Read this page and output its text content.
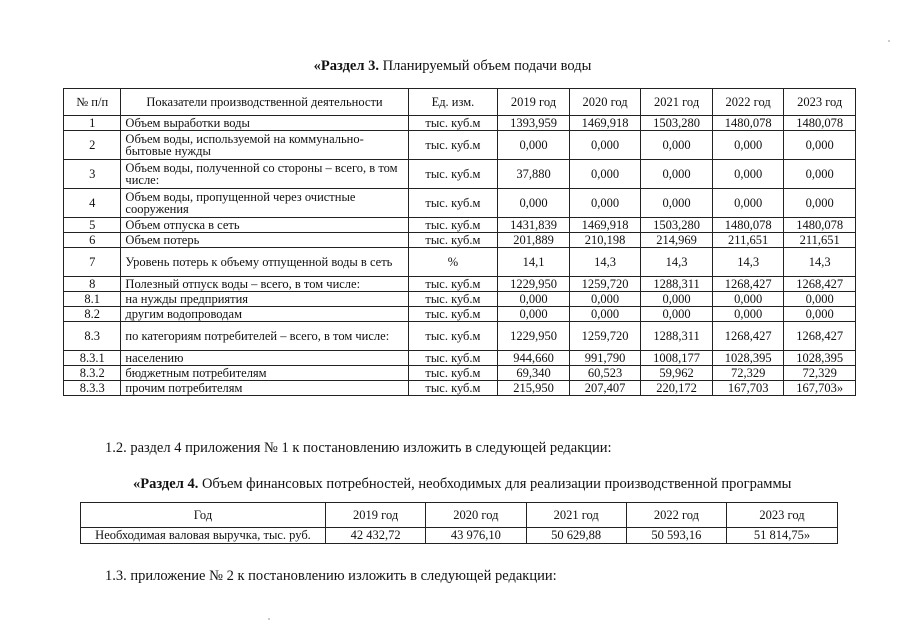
«Раздел 3. Планируемый объем подачи воды
№ п/п	Показатели производственной деятельности	Ед. изм.	2019 год	2020 год	2021 год	2022 год	2023 год
1	Объем выработки воды	тыс. куб.м	1393,959	1469,918	1503,280	1480,078	1480,078
2	Объем воды, используемой на коммунально-бытовые нужды	тыс. куб.м	0,000	0,000	0,000	0,000	0,000
3	Объем воды, полученной со стороны – всего, в том числе:	тыс. куб.м	37,880	0,000	0,000	0,000	0,000
4	Объем воды, пропущенной через очистные сооружения	тыс. куб.м	0,000	0,000	0,000	0,000	0,000
5	Объем отпуска в сеть	тыс. куб.м	1431,839	1469,918	1503,280	1480,078	1480,078
6	Объем потерь	тыс. куб.м	201,889	210,198	214,969	211,651	211,651
7	Уровень потерь к объему отпущенной воды в сеть	%	14,1	14,3	14,3	14,3	14,3
8	Полезный отпуск воды – всего, в том числе:	тыс. куб.м	1229,950	1259,720	1288,311	1268,427	1268,427
8.1	на нужды предприятия	тыс. куб.м	0,000	0,000	0,000	0,000	0,000
8.2	другим водопроводам	тыс. куб.м	0,000	0,000	0,000	0,000	0,000
8.3	по категориям потребителей – всего, в том числе:	тыс. куб.м	1229,950	1259,720	1288,311	1268,427	1268,427
8.3.1	населению	тыс. куб.м	944,660	991,790	1008,177	1028,395	1028,395
8.3.2	бюджетным потребителям	тыс. куб.м	69,340	60,523	59,962	72,329	72,329
8.3.3	прочим потребителям	тыс. куб.м	215,950	207,407	220,172	167,703	167,703»
1.2. раздел 4 приложения № 1 к постановлению изложить в следующей редакции:
«Раздел 4. Объем финансовых потребностей, необходимых для реализации производственной программы
Год	2019 год	2020 год	2021 год	2022 год	2023 год
Необходимая валовая выручка, тыс. руб.	42 432,72	43 976,10	50 629,88	50 593,16	51 814,75»
1.3. приложение № 2 к постановлению изложить в следующей редакции:
